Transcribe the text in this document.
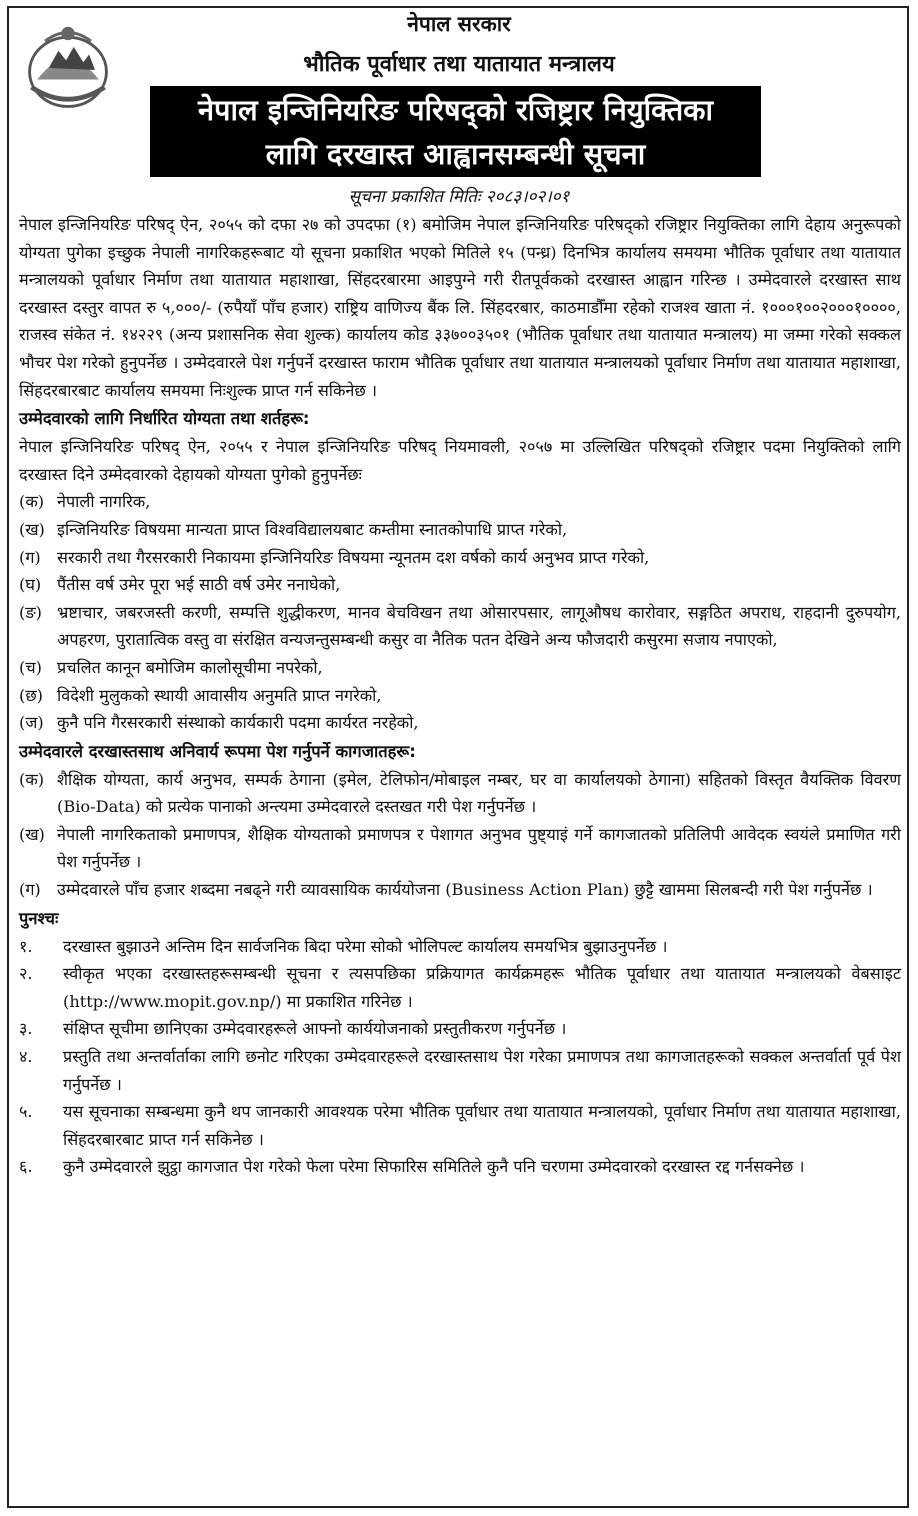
नेपाल सरकार
भौतिक पूर्वाधार तथा यातायात मन्त्रालय
नेपाल इन्जिनियरिङ परिषद्को रजिष्ट्रार नियुक्तिका
लागि दरखास्त आह्वानसम्बन्धी सूचना
सूचना प्रकाशित मितिः २०८३।०२।०१

नेपाल इन्जिनियरिङ परिषद् ऐन, २०५५ को दफा २७ को उपदफा (१) बमोजिम नेपाल इन्जिनियरिङ परिषद्को रजिष्ट्रार नियुक्तिका लागि देहाय अनुरूपको योग्यता पुगेका इच्छुक नेपाली नागरिकहरूबाट यो सूचना प्रकाशित भएको मितिले १५ (पन्ध्र) दिनभित्र कार्यालय समयमा भौतिक पूर्वाधार तथा यातायात मन्त्रालयको पूर्वाधार निर्माण तथा यातायात महाशाखा, सिंहदरबारमा आइपुग्ने गरी रीतपूर्वकको दरखास्त आह्वान गरिन्छ । उम्मेदवारले दरखास्त साथ दरखास्त दस्तुर वापत रु ५,०००/- (रुपैयाँ पाँच हजार) राष्ट्रिय वाणिज्य बैंक लि. सिंहदरबार, काठमाडौँमा रहेको राजश्व खाता नं. १०००१००२०००१००००, राजस्व संकेत नं. १४२२९ (अन्य प्रशासनिक सेवा शुल्क) कार्यालय कोड ३३७००३५०१ (भौतिक पूर्वाधार तथा यातायात मन्त्रालय) मा जम्मा गरेको सक्कल भौचर पेश गरेको हुनुपर्नेछ । उम्मेदवारले पेश गर्नुपर्ने दरखास्त फाराम भौतिक पूर्वाधार तथा यातायात मन्त्रालयको पूर्वाधार निर्माण तथा यातायात महाशाखा, सिंहदरबारबाट कार्यालय समयमा निःशुल्क प्राप्त गर्न सकिनेछ ।

उम्मेदवारको लागि निर्धारित योग्यता तथा शर्तहरू:

नेपाल इन्जिनियरिङ परिषद् ऐन, २०५५ र नेपाल इन्जिनियरिङ परिषद् नियमावली, २०५७ मा उल्लिखित परिषद्को रजिष्ट्रार पदमा नियुक्तिको लागि दरखास्त दिने उम्मेदवारको देहायको योग्यता पुगेको हुनुपर्नेछः

(क) नेपाली नागरिक,
(ख) इन्जिनियरिङ विषयमा मान्यता प्राप्त विश्वविद्यालयबाट कम्तीमा स्नातकोपाधि प्राप्त गरेको,
(ग)	सरकारी तथा गैरसरकारी निकायमा इन्जिनियरिङ विषयमा न्यूनतम दश वर्षको कार्य अनुभव प्राप्त गरेको,
(घ) पैंतीस वर्ष उमेर पूरा भई साठी वर्ष उमेर ननाघेको,
(ङ) भ्रष्टाचार, जबरजस्ती करणी, सम्पत्ति शुद्धीकरण, मानव बेचविखन तथा ओसारपसार, लागूऔषध कारोवार, सङ्गठित अपराध, राहदानी दुरुपयोग, अपहरण, पुरातात्विक वस्तु वा संरक्षित वन्यजन्तुसम्बन्धी कसुर वा नैतिक पतन देखिने अन्य फौजदारी कसुरमा सजाय नपाएको,
(च) प्रचलित कानून बमोजिम कालोसूचीमा नपरेको,
(छ) विदेशी मुलुकको स्थायी आवासीय अनुमति प्राप्त नगरेको,
(ज) कुनै पनि गैरसरकारी संस्थाको कार्यकारी पदमा कार्यरत नरहेको,
उम्मेदवारले दरखास्तसाथ अनिवार्य रूपमा पेश गर्नुपर्ने कागजातहरू:
(क) शैक्षिक योग्यता, कार्य अनुभव, सम्पर्क ठेगाना (इमेल, टेलिफोन/मोबाइल नम्बर, घर वा कार्यालयको ठेगाना) सहितको विस्तृत वैयक्तिक विवरण (Bio-Data) को प्रत्येक पानाको अन्त्यमा उम्मेदवारले दस्तखत गरी पेश गर्नुपर्नेछ ।
(ख) नेपाली नागरिकताको प्रमाणपत्र, शैक्षिक योग्यताको प्रमाणपत्र र पेशागत अनुभव पुष्ट्याइं गर्ने कागजातको प्रतिलिपी आवेदक स्वयंले प्रमाणित गरी पेश गर्नुपर्नेछ ।
(ग)	उम्मेदवारले पाँच हजार शब्दमा नबढ्ने गरी व्यावसायिक कार्ययोजना (Business Action Plan) छुट्टै खाममा सिलबन्दी गरी पेश गर्नुपर्नेछ ।
पुनश्चः
१.	दरखास्त बुझाउने अन्तिम दिन सार्वजनिक बिदा परेमा सोको भोलिपल्ट कार्यालय समयभित्र बुझाउनुपर्नेछ ।
२.	स्वीकृत भएका दरखास्तहरूसम्बन्धी सूचना र त्यसपछिका प्रक्रियागत कार्यक्रमहरू भौतिक पूर्वाधार तथा यातायात मन्त्रालयको वेबसाइट (http://www.mopit.gov.np/) मा प्रकाशित गरिनेछ ।
३.	संक्षिप्त सूचीमा छानिएका उम्मेदवारहरूले आफ्नो कार्ययोजनाको प्रस्तुतीकरण गर्नुपर्नेछ ।
४.	प्रस्तुति तथा अन्तर्वार्ताका लागि छनोट गरिएका उम्मेदवारहरूले दरखास्तसाथ पेश गरेका प्रमाणपत्र तथा कागजातहरूको सक्कल अन्तर्वार्ता पूर्व पेश गर्नुपर्नेछ ।
५.	यस सूचनाका सम्बन्धमा कुनै थप जानकारी आवश्यक परेमा भौतिक पूर्वाधार तथा यातायात मन्त्रालयको, पूर्वाधार निर्माण तथा यातायात महाशाखा, सिंहदरबारबाट प्राप्त गर्न सकिनेछ ।
६.	कुनै उम्मेदवारले झुट्ठा कागजात पेश गरेको फेला परेमा सिफारिस समितिले कुनै पनि चरणमा उम्मेदवारको दरखास्त रद्द गर्नसक्नेछ ।
